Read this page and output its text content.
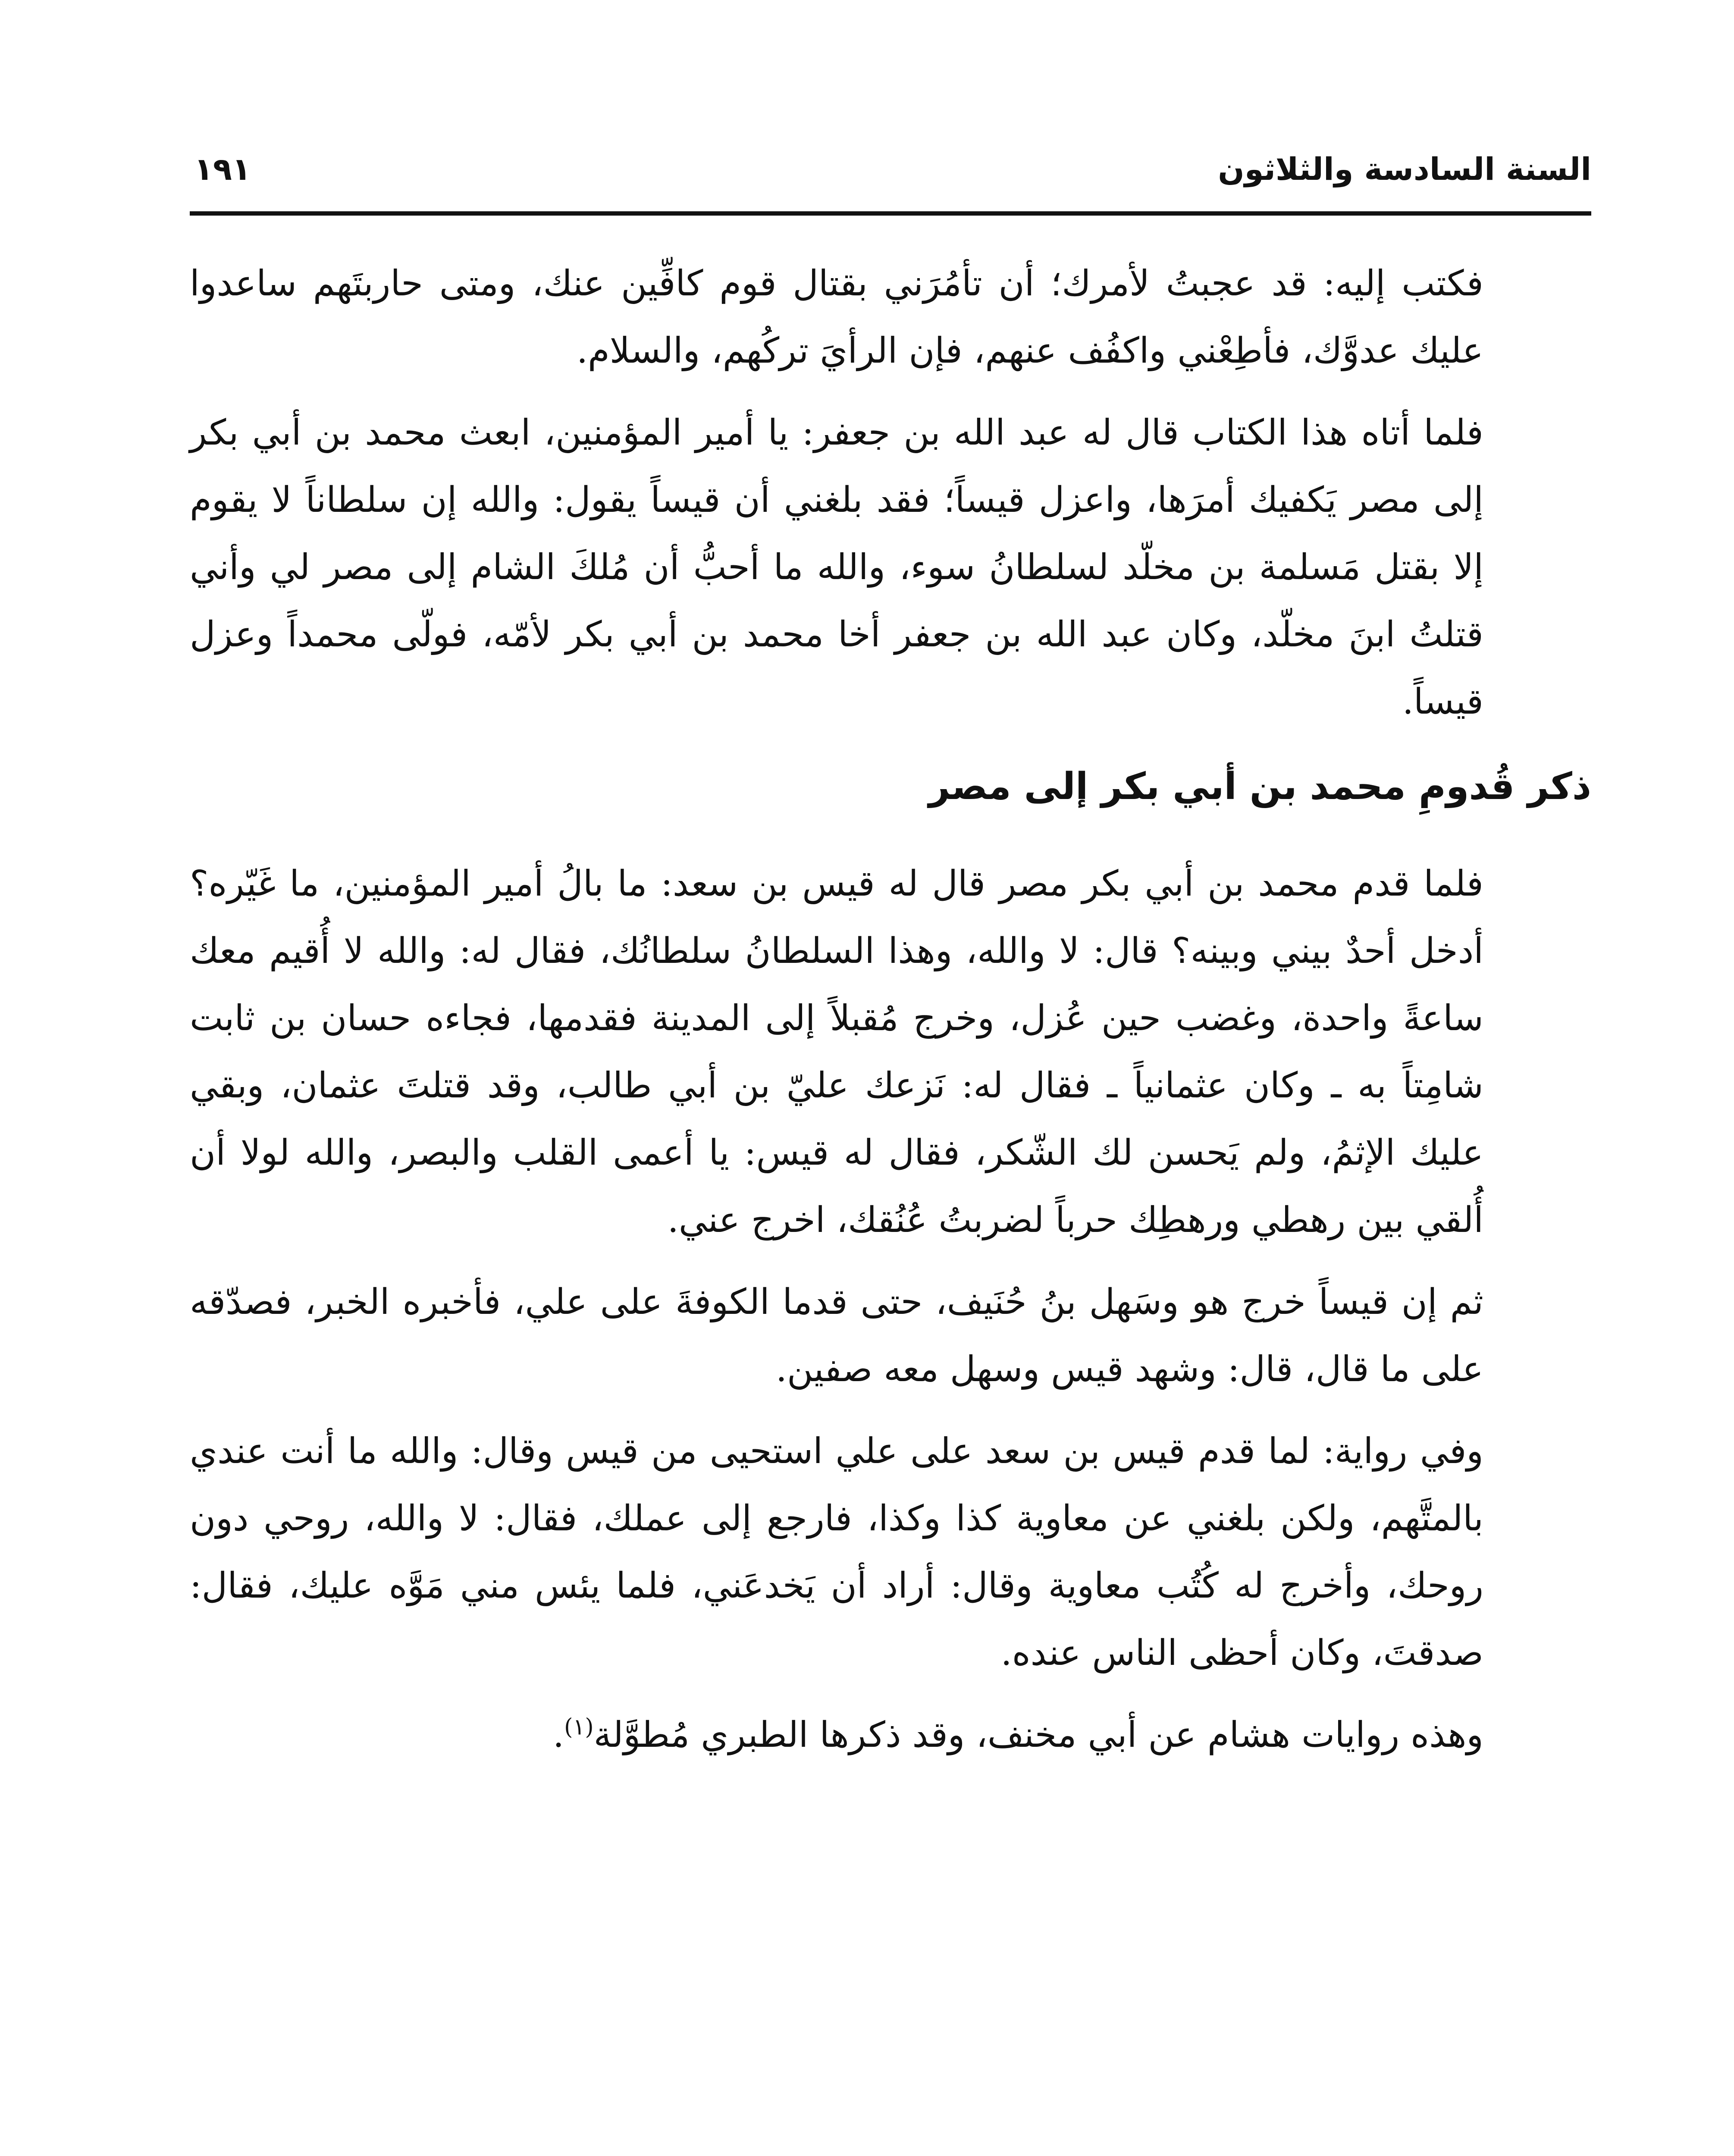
السنة السادسة والثلاثون
١٩١

فكتب إليه: قد عجبتُ لأمرك؛ أن تأمُرَني بقتال قوم كافِّين عنك، ومتى حاربتَهم ساعدوا عليك عدوَّك، فأطِعْني واكفُف عنهم، فإن الرأيَ تركُهم، والسلام.

فلما أتاه هذا الكتاب قال له عبد الله بن جعفر: يا أمير المؤمنين، ابعث محمد بن أبي بكر إلى مصر يَكفيك أمرَها، واعزل قيساً؛ فقد بلغني أن قيساً يقول: والله إن سلطاناً لا يقوم إلا بقتل مَسلمة بن مخلّد لسلطانُ سوء، والله ما أحبُّ أن مُلكَ الشام إلى مصر لي وأني قتلتُ ابنَ مخلّد، وكان عبد الله بن جعفر أخا محمد بن أبي بكر لأمّه، فولّى محمداً وعزل قيساً.

ذكر قُدومِ محمد بن أبي بكر إلى مصر

فلما قدم محمد بن أبي بكر مصر قال له قيس بن سعد: ما بالُ أمير المؤمنين، ما غَيّره؟ أدخل أحدٌ بيني وبينه؟ قال: لا والله، وهذا السلطانُ سلطانُك، فقال له: والله لا أُقيم معك ساعةً واحدة، وغضب حين عُزل، وخرج مُقبلاً إلى المدينة فقدمها، فجاءه حسان بن ثابت شامِتاً به ـ وكان عثمانياً ـ فقال له: نَزعك عليّ بن أبي طالب، وقد قتلتَ عثمان، وبقي عليك الإثمُ، ولم يَحسن لك الشّكر، فقال له قيس: يا أعمى القلب والبصر، والله لولا أن أُلقي بين رهطي ورهطِك حرباً لضربتُ عُنُقك، اخرج عني.

ثم إن قيساً خرج هو وسَهل بنُ حُنَيف، حتى قدما الكوفةَ على علي، فأخبره الخبر، فصدّقه على ما قال، قال: وشهد قيس وسهل معه صفين.

وفي رواية: لما قدم قيس بن سعد على علي استحيى من قيس وقال: والله ما أنت عندي بالمتَّهم، ولكن بلغني عن معاوية كذا وكذا، فارجع إلى عملك، فقال: لا والله، روحي دون روحك، وأخرج له كُتُب معاوية وقال: أراد أن يَخدعَني، فلما يئس مني مَوَّه عليك، فقال: صدقتَ، وكان أحظى الناس عنده.

وهذه روايات هشام عن أبي مخنف، وقد ذكرها الطبري مُطوَّلة$^{(١)}$.
